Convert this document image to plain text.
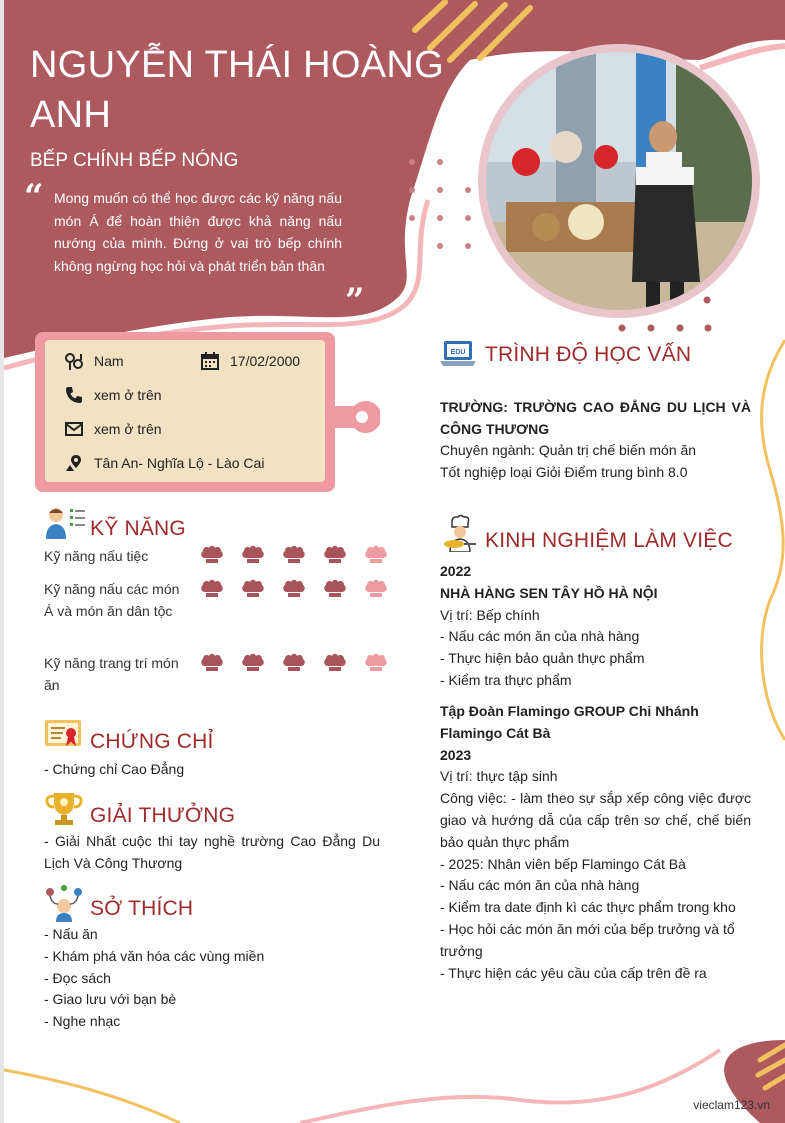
NGUYỄN THÁI HOÀNG ANH
BẾP CHÍNH BẾP NÓNG
“ Mong muốn có thể học được các kỹ năng nấu món Á để hoàn thiện được khả năng nấu nướng của mình. Đứng ở vai trò bếp chính không ngừng học hỏi và phát triển bản thân
”
Nam	17/02/2000
xem ở trên
xem ở trên
Tân An- Nghĩa Lộ - Lào Cai
KỸ NĂNG
Kỹ năng nấu tiệc
Kỹ năng nấu các món Á và món ăn dân tộc
Kỹ năng trang trí món ăn
CHỨNG CHỈ
- Chứng chỉ Cao Đẳng
GIẢI THƯỞNG
- Giải Nhất cuộc thi tay nghề trường Cao Đẳng Du Lịch Và Công Thương
SỞ THÍCH
- Nấu ăn
- Khám phá văn hóa các vùng miền
- Đọc sách
- Giao lưu với bạn bè
- Nghe nhạc
EDU TRÌNH ĐỘ HỌC VẤN
TRƯỜNG: TRƯỜNG CAO ĐẲNG DU LỊCH VÀ CÔNG THƯƠNG
Chuyên ngành: Quản trị chế biến món ăn
Tốt nghiệp loại Giỏi Điểm trung bình 8.0
KINH NGHIỆM LÀM VIỆC
2022
NHÀ HÀNG SEN TÂY HỒ HÀ NỘI
Vị trí: Bếp chính
- Nấu các món ăn của nhà hàng
- Thực hiện bảo quản thực phẩm
- Kiểm tra thực phẩm
Tập Đoàn Flamingo GROUP Chi Nhánh Flamingo Cát Bà
2023
Vị trí: thực tập sinh
Công việc: - làm theo sự sắp xếp công việc được giao và hướng dẫ của cấp trên sơ chế, chế biến bảo quản thực phẩm
- 2025: Nhân viên bếp Flamingo Cát Bà
- Nấu các món ăn của nhà hàng
- Kiểm tra date định kì các thực phẩm trong kho
- Học hỏi các món ăn mới của bếp trưởng và tổ trưởng
- Thực hiện các yêu cầu của cấp trên đề ra
vieclam123.vn
